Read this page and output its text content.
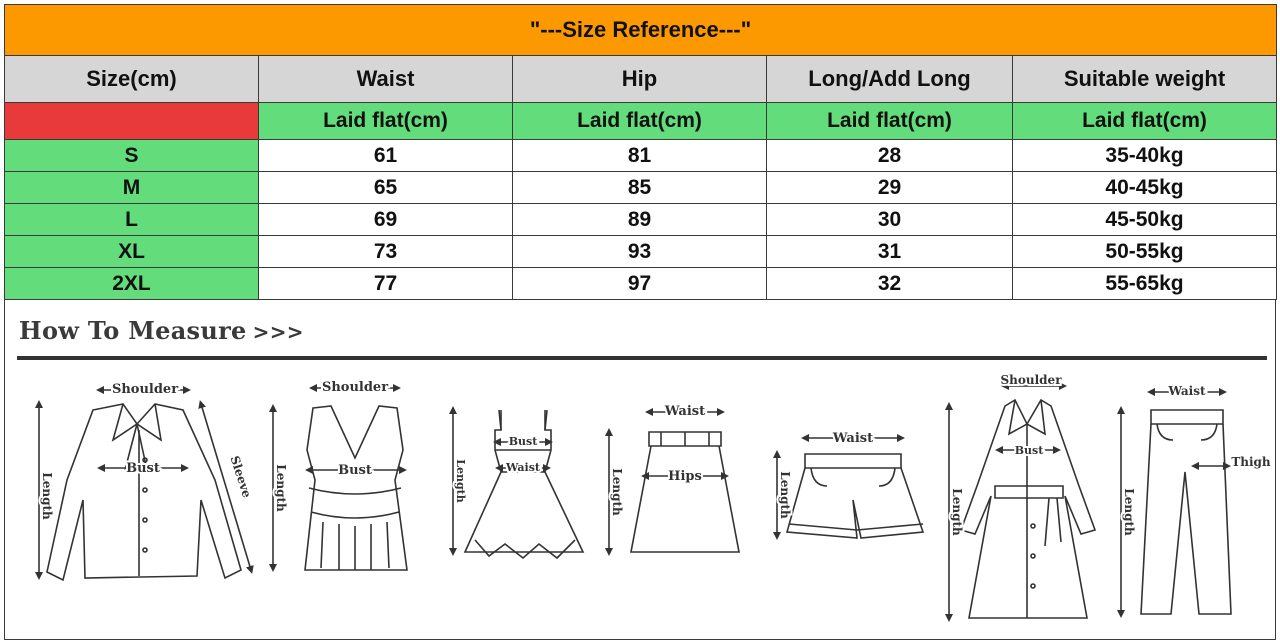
"---Size Reference---"				
Size(cm)	Waist	Hip	Long/Add Long	Suitable weight
	Laid flat(cm)	Laid flat(cm)	Laid flat(cm)	Laid flat(cm)
S	61	81	28	35-40kg
M	65	85	29	40-45kg
L	69	89	30	45-50kg
XL	73	93	31	50-55kg
2XL	77	97	32	55-65kg
How To Measure >>>
Shoulder
Bust	Sleeve
Length
Shoulder
Bust
Length
Bust
Waist
Length
Waist
Hips
Length
Waist
Length
Shoulder
Bust
Length
Waist
Thigh
Length
